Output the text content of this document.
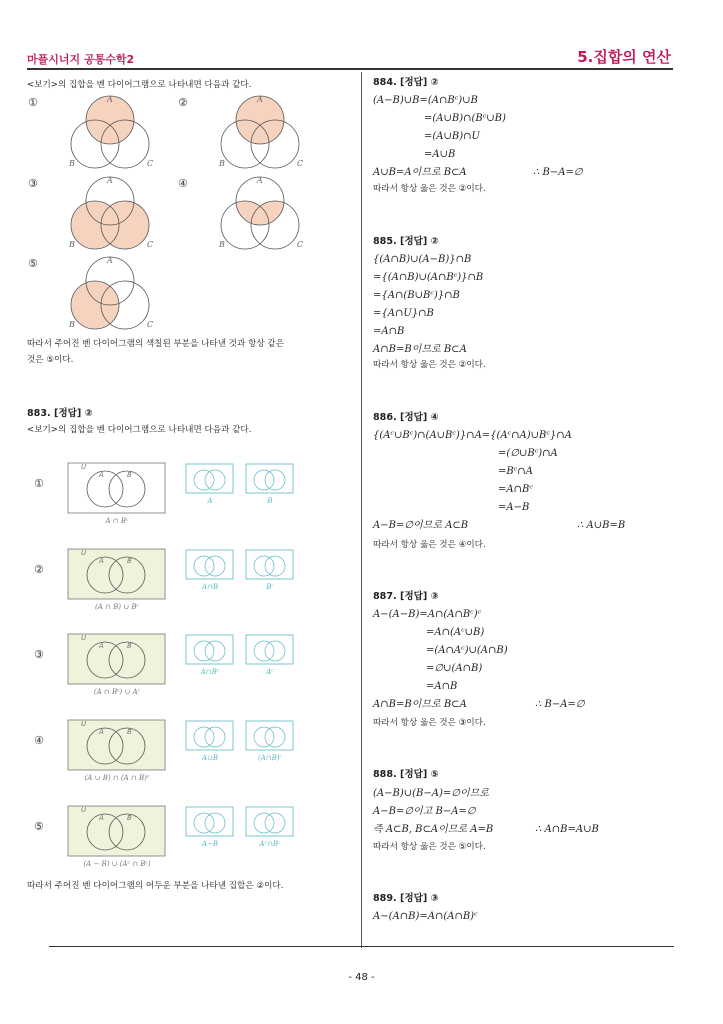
마플시너지 공통수학2	5.집합의 연산
- 48 -
<보기>의 집합을 벤 다이어그램으로 나타내면 다음과 같다.
①	A
B	C
②	A
B	C
③	A
B	C
④	A
B	C
⑤	A
B	C
따라서 주어진 벤 다이어그램의 색칠된 부분을 나타낸 것과 항상 같은
것은 ⑤이다.
883. [정답] ②
<보기>의 집합을 벤 다이어그램으로 나타내면 다음과 같다.
①
U
A	B
A ∩ Bᶜ
A	B
②
U
A	B
(A ∩ B) ∪ Bᶜ
A∩B	Bᶜ
③
U
A	B
(A ∩ Bᶜ) ∪ Aᶜ
A∩Bᶜ	Aᶜ
④
U
A	B
(A ∪ B) ∩ (A ∩ B)ᶜ
A∪B	(A∩B)ᶜ
⑤
U
A	B
(A − B) ∪ (Aᶜ ∩ Bᶜ)
A−B	Aᶜ∩Bᶜ
따라서 주어진 벤 다이어그램의 어두운 부분을 나타낸 집합은 ②이다.
884. [정답] ②
(A−B)∪B=(A∩Bᶜ)∪B
=(A∪B)∩(Bᶜ∪B)
=(A∪B)∩U
=A∪B
A∪B=A이므로 B⊂A	∴ B−A=∅
따라서 항상 옳은 것은 ②이다.
885. [정답] ②
{(A∩B)∪(A−B)}∩B
={(A∩B)∪(A∩Bᶜ)}∩B
={A∩(B∪Bᶜ)}∩B
={A∩U}∩B
=A∩B
A∩B=B이므로 B⊂A
따라서 항상 옳은 것은 ②이다.
886. [정답] ④
{(Aᶜ∪Bᶜ)∩(A∪Bᶜ)}∩A={(Aᶜ∩A)∪Bᶜ}∩A
=(∅∪Bᶜ)∩A
=Bᶜ∩A
=A∩Bᶜ
=A−B
A−B=∅이므로 A⊂B	∴ A∪B=B
따라서 항상 옳은 것은 ④이다.
887. [정답] ③
A−(A−B)=A∩(A∩Bᶜ)ᶜ
=A∩(Aᶜ∪B)
=(A∩Aᶜ)∪(A∩B)
=∅∪(A∩B)
=A∩B
A∩B=B이므로 B⊂A	∴ B−A=∅
따라서 항상 옳은 것은 ③이다.
888. [정답] ⑤
(A−B)∪(B−A)=∅이므로
A−B=∅이고 B−A=∅
즉 A⊂B, B⊂A이므로 A=B	∴ A∩B=A∪B
따라서 항상 옳은 것은 ⑤이다.
889. [정답] ③
A−(A∩B)=A∩(A∩B)ᶜ
